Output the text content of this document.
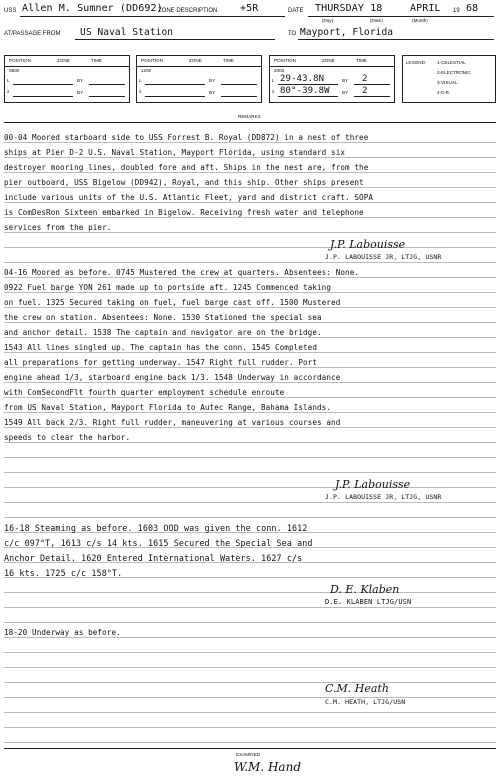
USS Allen M. Sumner (DD692)
ZONE DESCRIPTION +5R	DATE THURSDAY 18	APRIL 19 68
(Day)	(Date)	(Month)
AT/PASSAGE FROM US Naval Station	TO Mayport, Florida
POSITION	ZONE	TIME
0800
L	BY
λ	BY
POSITION	ZONE	TIME
1200
L	BY
λ	BY
POSITION	ZONE	TIME
2000
L 29-43.8N	BY 2
λ 80°-39.8W	BY 2
LEGEND: 1-CELESTIAL
2-ELECTRONIC
3-VISUAL
4-D.R.
REMARKS
00-04 Moored starboard side to USS Forrest B. Royal (DD872) in a nest of three
ships at Pier D-2 U.S. Naval Station, Mayport Florida, using standard six
destroyer mooring lines, doubled fore and aft. Ships in the nest are, from the
pier outboard, USS Bigelow (DD942), Royal, and this ship. Other ships present
include various units of the U.S. Atlantic Fleet, yard and district craft. SOPA
is ComDesRon Sixteen embarked in Bigelow. Receiving fresh water and telephone
services from the pier.
J.P. Labouisse
J.P. LABOUISSE JR, LTJG, USNR
04-16 Moored as before. 0745 Mustered the crew at quarters. Absentees: None.
0922 Fuel barge YON 261 made up to portside aft. 1245 Commenced taking
on fuel. 1325 Secured taking on fuel, fuel barge cast off. 1500 Mustered
the crew on station. Absentees: None. 1530 Stationed the special sea
and anchor detail. 1538 The captain and navigator are on the bridge.
1543 All lines singled up. The captain has the conn. 1545 Completed
all preparations for getting underway. 1547 Right full rudder. Port
engine ahead 1/3, starboard engine back 1/3. 1548 Underway in accordance
with ComSecondFlt fourth quarter employment schedule enroute
from US Naval Station, Mayport Florida to Autec Range, Bahama Islands.
1549 All back 2/3. Right full rudder, maneuvering at various courses and
speeds to clear the harbor.
J.P. Labouisse
J.P. LABOUISSE JR, LTJG, USNR
16-18 Steaming as before. 1603 OOD was given the conn. 1612
c/c 097°T, 1613 c/s 14 kts. 1615 Secured the Special Sea and
Anchor Detail. 1620 Entered International Waters. 1627 c/s
16 kts. 1725 c/c 158°T.
D. E. Klaben
D.E. KLABEN LTJG/USN
18-20 Underway as before.
C.M. Heath
C.M. HEATH, LTJG/USN
EXAMINED
W.M. Hand
